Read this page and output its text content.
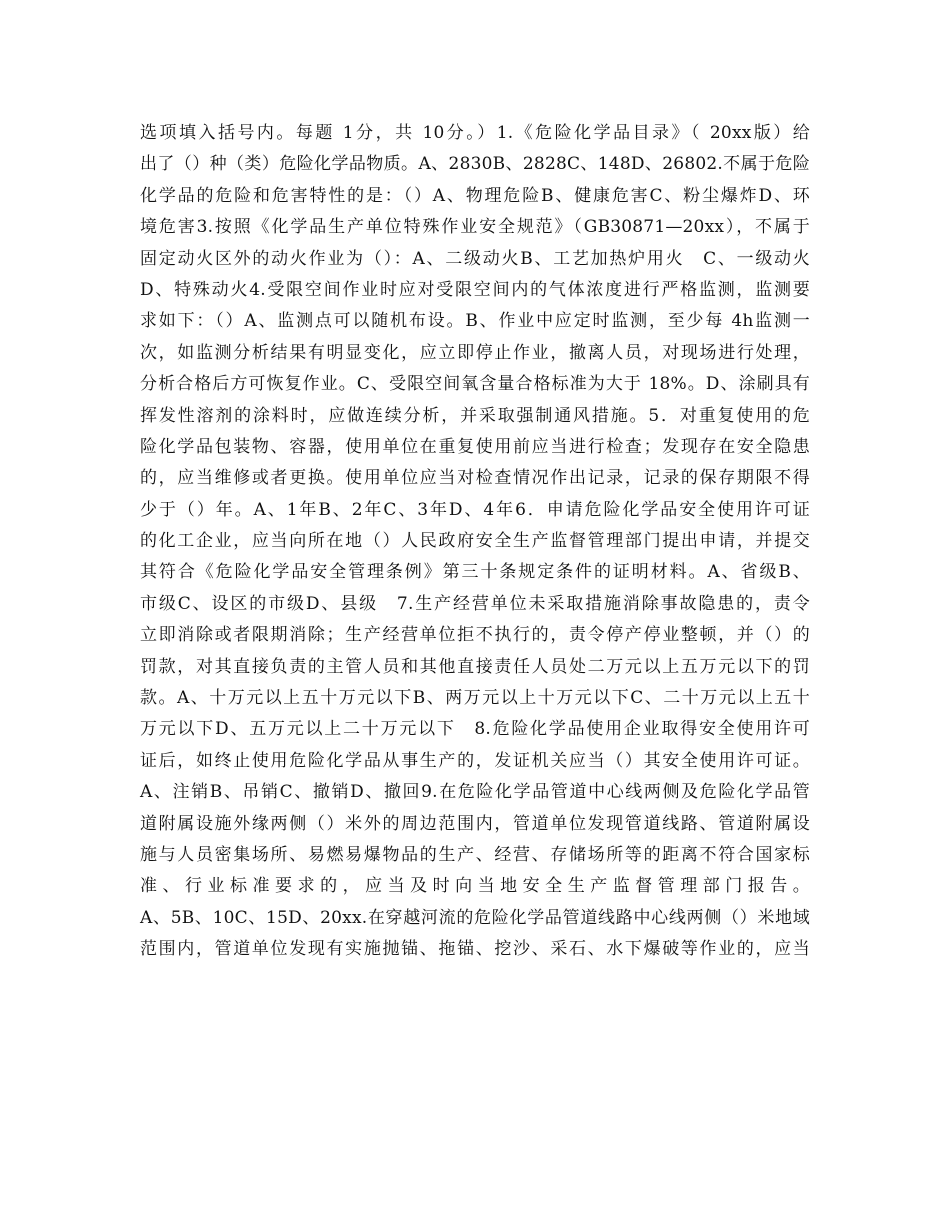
选项填入括号内。每题 1分，共 10分。）1.《危险化学品目录》（ 20xx版）给
出了（）种（类）危险化学品物质。A、2830B、2828C、148D、26802.不属于危险
化学品的危险和危害特性的是：（）A、物理危险B、健康危害C、粉尘爆炸D、环
境危害3.按照《化学品生产单位特殊作业安全规范》（GB30871—20xx），不属于
固定动火区外的动火作业为（）：A、二级动火B、工艺加热炉用火　C、一级动火
D、特殊动火4.受限空间作业时应对受限空间内的气体浓度进行严格监测，监测要
求如下：（）A、监测点可以随机布设。B、作业中应定时监测，至少每 4h监测一
次，如监测分析结果有明显变化，应立即停止作业，撤离人员，对现场进行处理，
分析合格后方可恢复作业。C、受限空间氧含量合格标准为大于 18%。D、涂刷具有
挥发性溶剂的涂料时，应做连续分析，并采取强制通风措施。5．对重复使用的危
险化学品包装物、容器，使用单位在重复使用前应当进行检查；发现存在安全隐患
的，应当维修或者更换。使用单位应当对检查情况作出记录，记录的保存期限不得
少于（）年。A、1年B、2年C、3年D、4年6．申请危险化学品安全使用许可证
的化工企业，应当向所在地（）人民政府安全生产监督管理部门提出申请，并提交
其符合《危险化学品安全管理条例》第三十条规定条件的证明材料。A、省级B、
市级C、设区的市级D、县级　7.生产经营单位未采取措施消除事故隐患的，责令
立即消除或者限期消除；生产经营单位拒不执行的，责令停产停业整顿，并（）的
罚款，对其直接负责的主管人员和其他直接责任人员处二万元以上五万元以下的罚
款。A、十万元以上五十万元以下B、两万元以上十万元以下C、二十万元以上五十
万元以下D、五万元以上二十万元以下　8.危险化学品使用企业取得安全使用许可
证后，如终止使用危险化学品从事生产的，发证机关应当（）其安全使用许可证。
A、注销B、吊销C、撤销D、撤回9.在危险化学品管道中心线两侧及危险化学品管
道附属设施外缘两侧（）米外的周边范围内，管道单位发现管道线路、管道附属设
施与人员密集场所、易燃易爆物品的生产、经营、存储场所等的距离不符合国家标
准、行业标准要求的，应当及时向当地安全生产监督管理部门报告。
A、5B、10C、15D、20xx.在穿越河流的危险化学品管道线路中心线两侧（）米地域
范围内，管道单位发现有实施抛锚、拖锚、挖沙、采石、水下爆破等作业的，应当
